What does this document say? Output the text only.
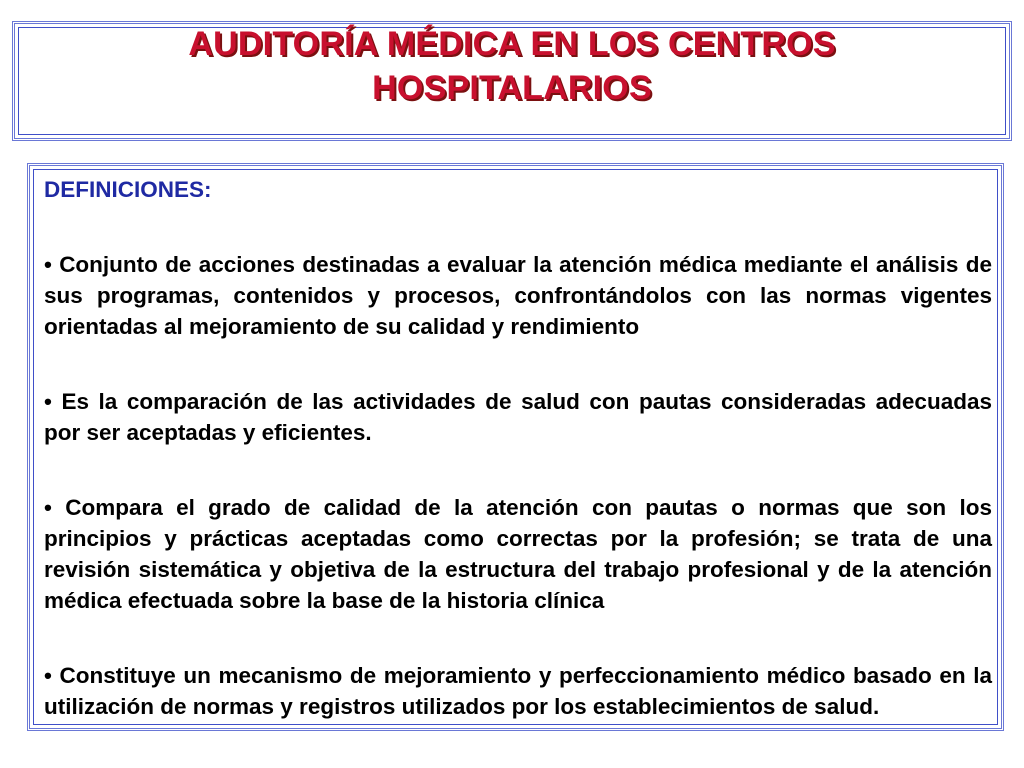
AUDITORÍA MÉDICA EN LOS CENTROS
HOSPITALARIOS

DEFINICIONES:

• Conjunto de acciones destinadas a evaluar la atención médica mediante el análisis de sus programas, contenidos y procesos, confrontándolos con las normas vigentes orientadas al mejoramiento de su calidad y rendimiento

• Es la comparación de las actividades de salud con pautas consideradas adecuadas por ser aceptadas y eficientes.

• Compara el grado de calidad de la atención con pautas o normas que son los principios y prácticas aceptadas como correctas por la profesión; se trata de una revisión sistemática y objetiva de la estructura del trabajo profesional y de la atención médica efectuada sobre la base de la historia clínica

• Constituye un mecanismo de mejoramiento y perfeccionamiento médico basado en la utilización de normas y registros utilizados por los establecimientos de salud.
